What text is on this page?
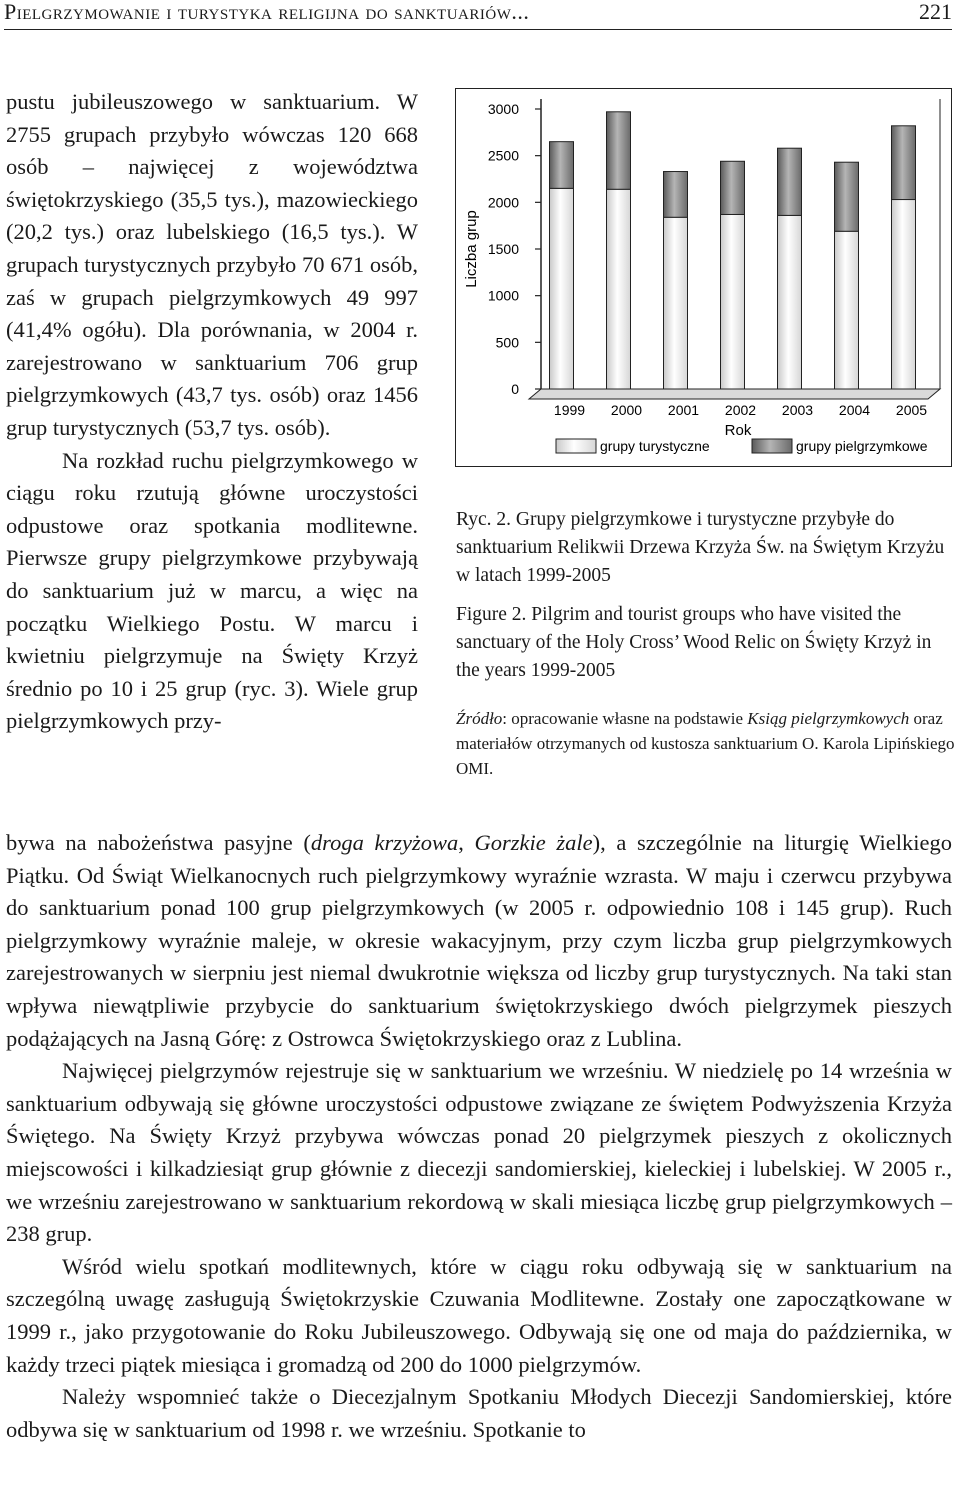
Pielgrzymowanie i turystyka religijna do sanktuariów...	221

pustu jubileuszowego w sanktuarium. W 2755 grupach przybyło wówczas 120 668 osób – najwięcej z województwa świętokrzyskiego (35,5 tys.), mazowieckiego (20,2 tys.) oraz lubelskiego (16,5 tys.). W grupach turystycznych przybyło 70 671 osób, zaś w grupach pielgrzymkowych 49 997 (41,4% ogółu). Dla porównania, w 2004 r. zarejestrowano w sanktuarium 706 grup pielgrzymkowych (43,7 tys. osób) oraz 1456 grup turystycznych (53,7 tys. osób).

Na rozkład ruchu pielgrzymkowego w ciągu roku rzutują główne uroczystości odpustowe oraz spotkania modlitewne. Pierwsze grupy pielgrzymkowe przybywają do sanktuarium już w marcu, a więc na początku Wielkiego Postu. W marcu i kwietniu pielgrzymuje na Święty Krzyż średnio po 10 i 25 grup (ryc. 3). Wiele grup pielgrzymkowych przy-

Liczba grup
Rok
3000
2500
2000
1500
1000
500
0
1999 2000 2001 2002 2003 2004 2005
grupy turystyczne	grupy pielgrzymkowe
Ryc. 2. Grupy pielgrzymkowe i turystyczne przybyłe do sanktuarium Relikwii Drzewa Krzyża Św. na Świętym Krzyżu w latach 1999-2005
Figure 2. Pilgrim and tourist groups who have visited the sanctuary of the Holy Cross’ Wood Relic on Święty Krzyż in the years 1999-2005
Źródło: opracowanie własne na podstawie Ksiąg pielgrzymkowych oraz materiałów otrzymanych od kustosza sanktuarium O. Karola Lipińskiego OMI.

bywa na nabożeństwa pasyjne (droga krzyżowa, Gorzkie żale), a szczególnie na liturgię Wielkiego Piątku. Od Świąt Wielkanocnych ruch pielgrzymkowy wyraźnie wzrasta. W maju i czerwcu przybywa do sanktuarium ponad 100 grup pielgrzymkowych (w 2005 r. odpowiednio 108 i 145 grup). Ruch pielgrzymkowy wyraźnie maleje, w okresie wakacyjnym, przy czym liczba grup pielgrzymkowych zarejestrowanych w sierpniu jest niemal dwukrotnie większa od liczby grup turystycznych. Na taki stan wpływa niewątpliwie przybycie do sanktuarium świętokrzyskiego dwóch pielgrzymek pieszych podążających na Jasną Górę: z Ostrowca Świętokrzyskiego oraz z Lublina.

Najwięcej pielgrzymów rejestruje się w sanktuarium we wrześniu. W niedzielę po 14 września w sanktuarium odbywają się główne uroczystości odpustowe związane ze świętem Podwyższenia Krzyża Świętego. Na Święty Krzyż przybywa wówczas ponad 20 pielgrzymek pieszych z okolicznych miejscowości i kilkadziesiąt grup głównie z diecezji sandomierskiej, kieleckiej i lubelskiej. W 2005 r., we wrześniu zarejestrowano w sanktuarium rekordową w skali miesiąca liczbę grup pielgrzymkowych – 238 grup.

Wśród wielu spotkań modlitewnych, które w ciągu roku odbywają się w sanktuarium na szczególną uwagę zasługują Świętokrzyskie Czuwania Modlitewne. Zostały one zapoczątkowane w 1999 r., jako przygotowanie do Roku Jubileuszowego. Odbywają się one od maja do października, w każdy trzeci piątek miesiąca i gromadzą od 200 do 1000 pielgrzymów.

Należy wspomnieć także o Diecezjalnym Spotkaniu Młodych Diecezji Sandomierskiej, które odbywa się w sanktuarium od 1998 r. we wrześniu. Spotkanie to
